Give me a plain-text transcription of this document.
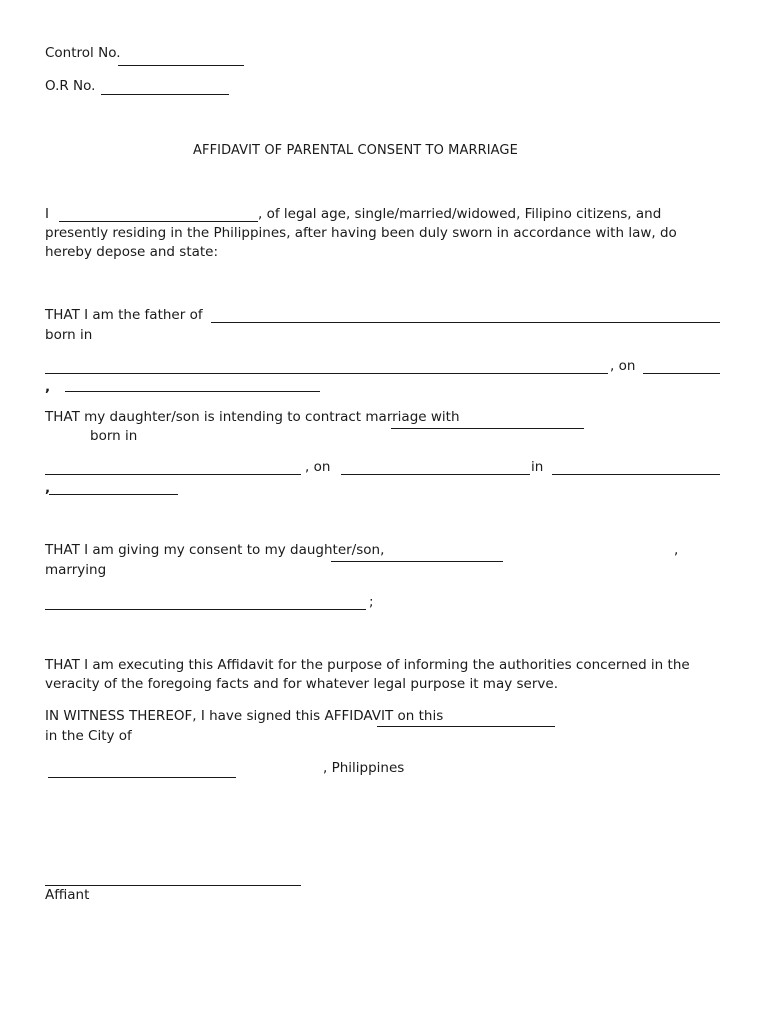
Control No.
O.R No.
AFFIDAVIT OF PARENTAL CONSENT TO MARRIAGE
I	, of legal age, single/married/widowed, Filipino citizens, and
presently residing in the Philippines, after having been duly sworn in accordance with law, do
hereby depose and state:
THAT I am the father of
born in
, on
,
THAT my daughter/son is intending to contract marriage with
born in
, on	in
,
THAT I am giving my consent to my daughter/son,	,
marrying
;
THAT I am executing this Affidavit for the purpose of informing the authorities concerned in the
veracity of the foregoing facts and for whatever legal purpose it may serve.
IN WITNESS THEREOF, I have signed this AFFIDAVIT on this
in the City of
, Philippines
Affiant
